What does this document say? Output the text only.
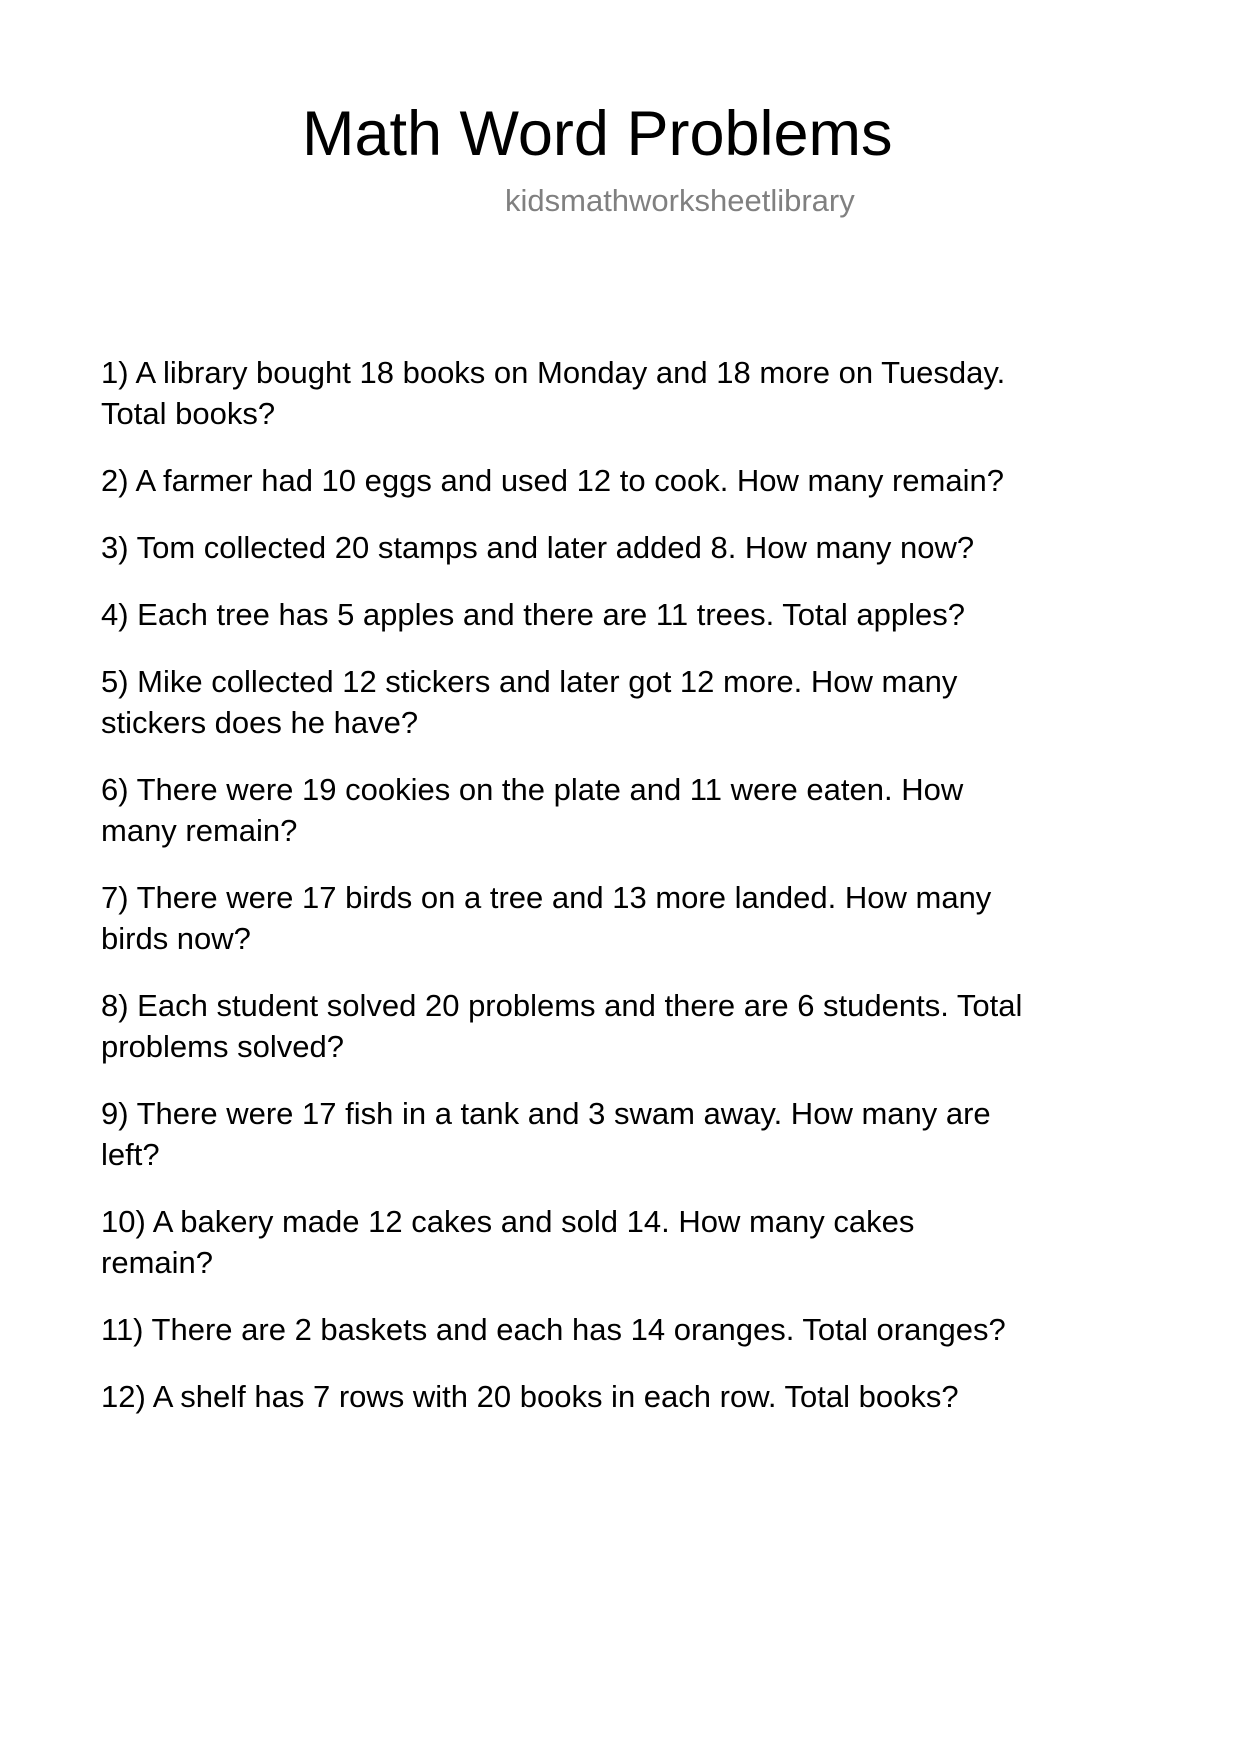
Math Word Problems
kidsmathworksheetlibrary
1) A library bought 18 books on Monday and 18 more on Tuesday.
Total books?
2) A farmer had 10 eggs and used 12 to cook. How many remain?
3) Tom collected 20 stamps and later added 8. How many now?
4) Each tree has 5 apples and there are 11 trees. Total apples?
5) Mike collected 12 stickers and later got 12 more. How many
stickers does he have?
6) There were 19 cookies on the plate and 11 were eaten. How
many remain?
7) There were 17 birds on a tree and 13 more landed. How many
birds now?
8) Each student solved 20 problems and there are 6 students. Total
problems solved?
9) There were 17 fish in a tank and 3 swam away. How many are
left?
10) A bakery made 12 cakes and sold 14. How many cakes
remain?
11) There are 2 baskets and each has 14 oranges. Total oranges?
12) A shelf has 7 rows with 20 books in each row. Total books?
